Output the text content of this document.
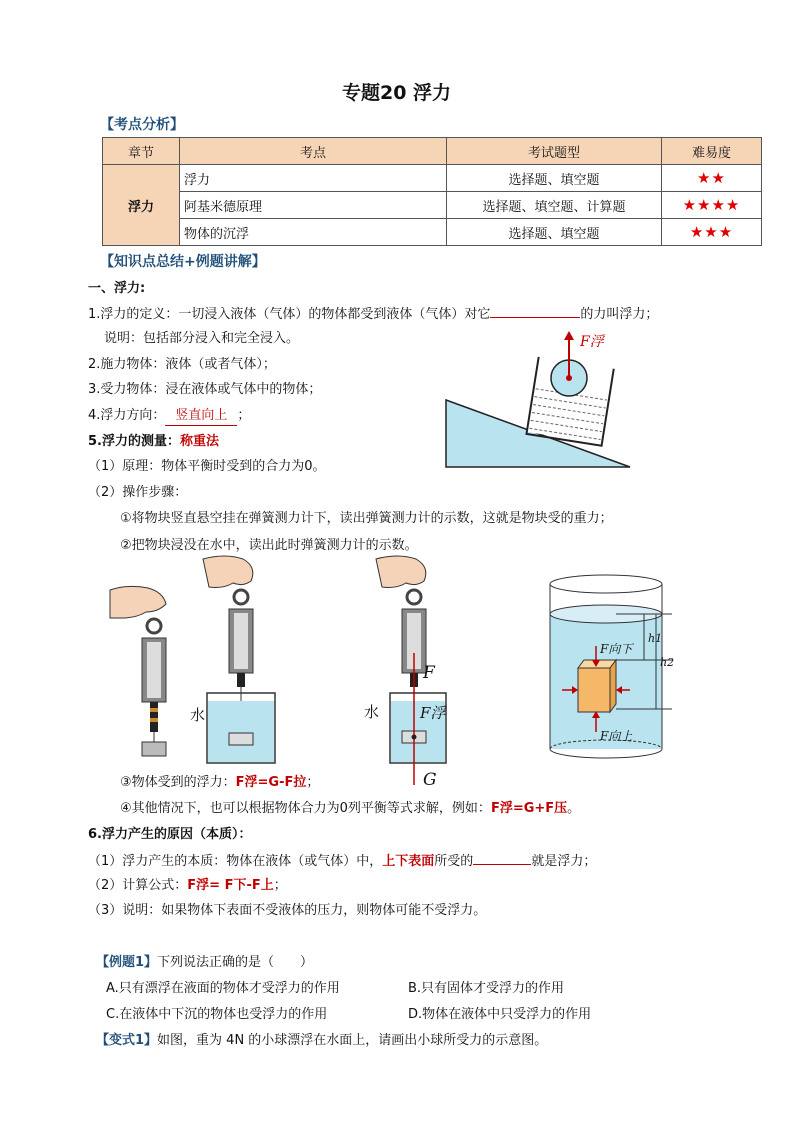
专题20 浮力
【考点分析】
章节	考点	考试题型	难易度
浮力	浮力	选择题、填空题	★★
	阿基米德原理	选择题、填空题、计算题	★★★★
	物体的沉浮	选择题、填空题	★★★
【知识点总结+例题讲解】
一、浮力:
1.浮力的定义：一切浸入液体（气体）的物体都受到液体（气体）对它	的力叫浮力；
说明：包括部分浸入和完全浸入。
2.施力物体：液体（或者气体）；
3.受力物体：浸在液体或气体中的物体；
4.浮力方向： 竖直向上 ；
5.浮力的测量：称重法
（1）原理：物体平衡时受到的合力为0。
（2）操作步骤：
①将物块竖直悬空挂在弹簧测力计下，读出弹簧测力计的示数，这就是物块受的重力；
②把物块浸没在水中，读出此时弹簧测力计的示数。
F浮
水
F
F浮
G
水
F向下
F向上
h1
h2
③物体受到的浮力：F浮=G-F拉；
④其他情况下，也可以根据物体合力为0列平衡等式求解，例如：F浮=G+F压。
6.浮力产生的原因（本质）：
（1）浮力产生的本质：物体在液体（或气体）中，上下表面所受的	就是浮力；
（2）计算公式：F浮= F下-F上；
（3）说明：如果物体下表面不受液体的压力，则物体可能不受浮力。
【例题1】下列说法正确的是（　　）
A.只有漂浮在液面的物体才受浮力的作用	B.只有固体才受浮力的作用
C.在液体中下沉的物体也受浮力的作用	D.物体在液体中只受浮力的作用
【变式1】如图，重为 4N 的小球漂浮在水面上，请画出小球所受力的示意图。
